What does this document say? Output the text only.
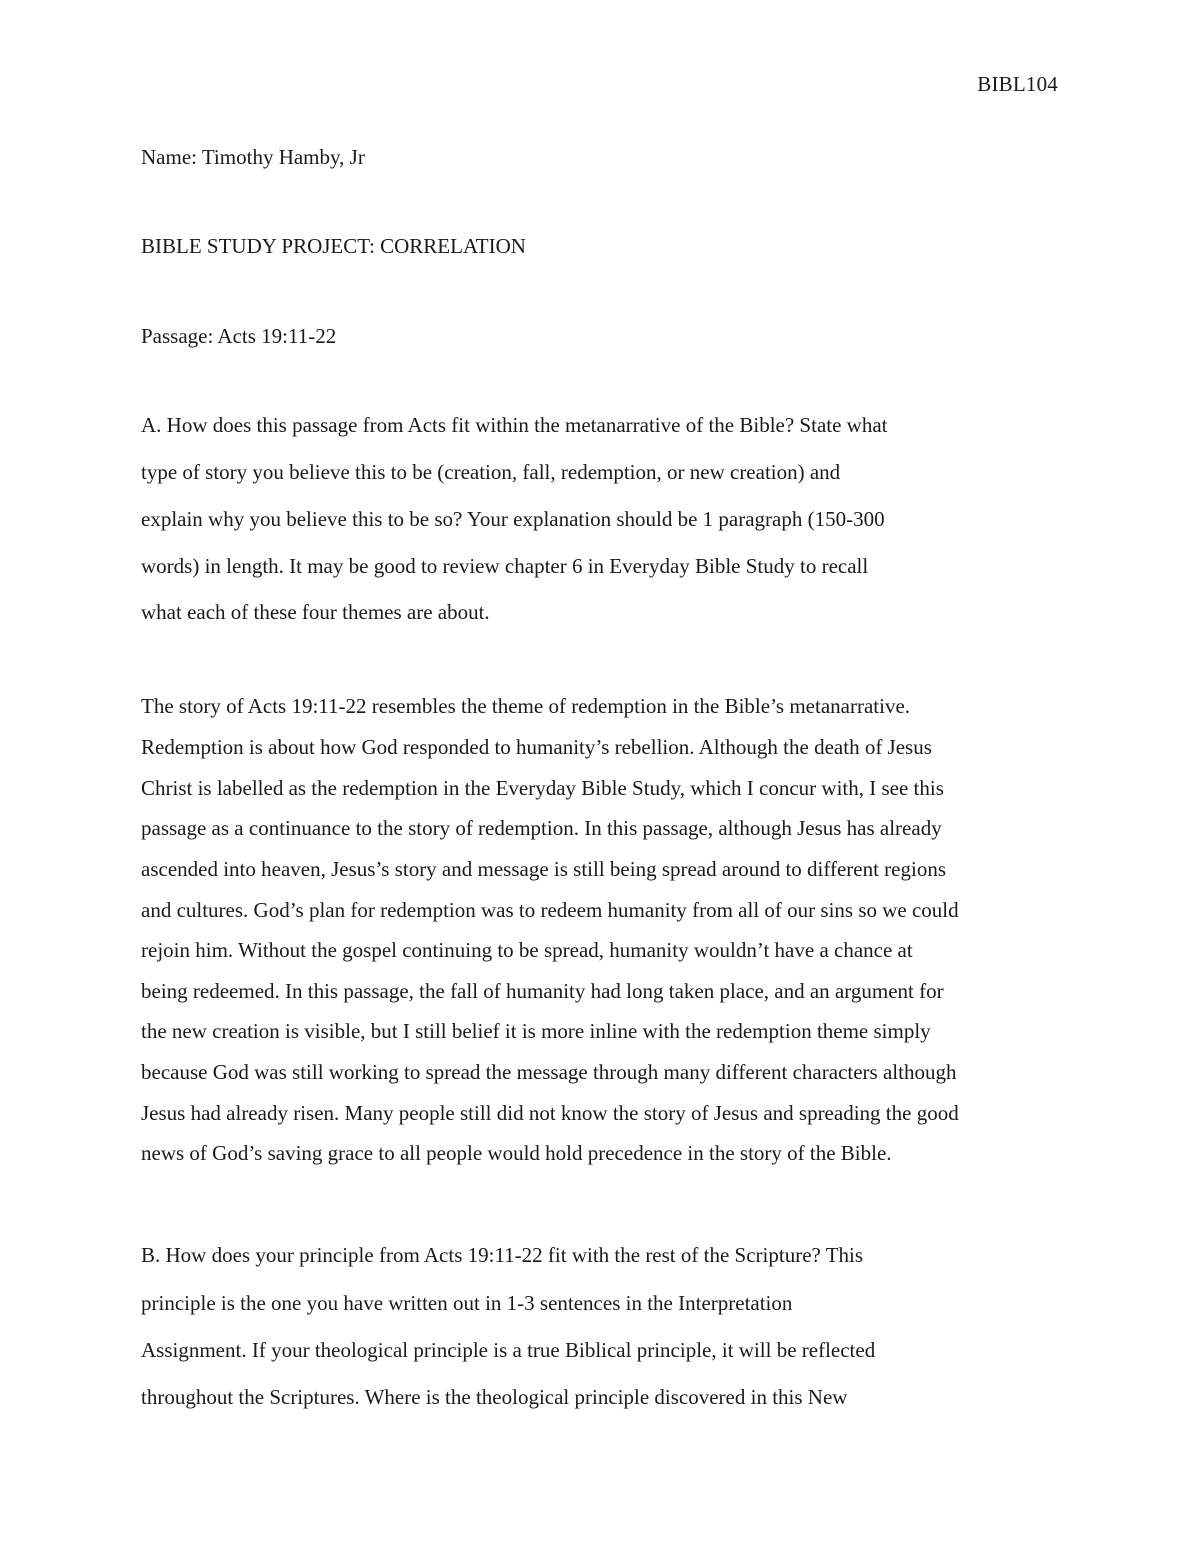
BIBL104
Name: Timothy Hamby, Jr
BIBLE STUDY PROJECT: CORRELATION
Passage: Acts 19:11-22
A. How does this passage from Acts fit within the metanarrative of the Bible? State what
type of story you believe this to be (creation, fall, redemption, or new creation) and
explain why you believe this to be so? Your explanation should be 1 paragraph (150-300
words) in length. It may be good to review chapter 6 in Everyday Bible Study to recall
what each of these four themes are about.
The story of Acts 19:11-22 resembles the theme of redemption in the Bible’s metanarrative.
Redemption is about how God responded to humanity’s rebellion. Although the death of Jesus
Christ is labelled as the redemption in the Everyday Bible Study, which I concur with, I see this
passage as a continuance to the story of redemption. In this passage, although Jesus has already
ascended into heaven, Jesus’s story and message is still being spread around to different regions
and cultures. God’s plan for redemption was to redeem humanity from all of our sins so we could
rejoin him. Without the gospel continuing to be spread, humanity wouldn’t have a chance at
being redeemed. In this passage, the fall of humanity had long taken place, and an argument for
the new creation is visible, but I still belief it is more inline with the redemption theme simply
because God was still working to spread the message through many different characters although
Jesus had already risen. Many people still did not know the story of Jesus and spreading the good
news of God’s saving grace to all people would hold precedence in the story of the Bible.
B. How does your principle from Acts 19:11-22 fit with the rest of the Scripture? This
principle is the one you have written out in 1-3 sentences in the Interpretation
Assignment. If your theological principle is a true Biblical principle, it will be reflected
throughout the Scriptures. Where is the theological principle discovered in this New
